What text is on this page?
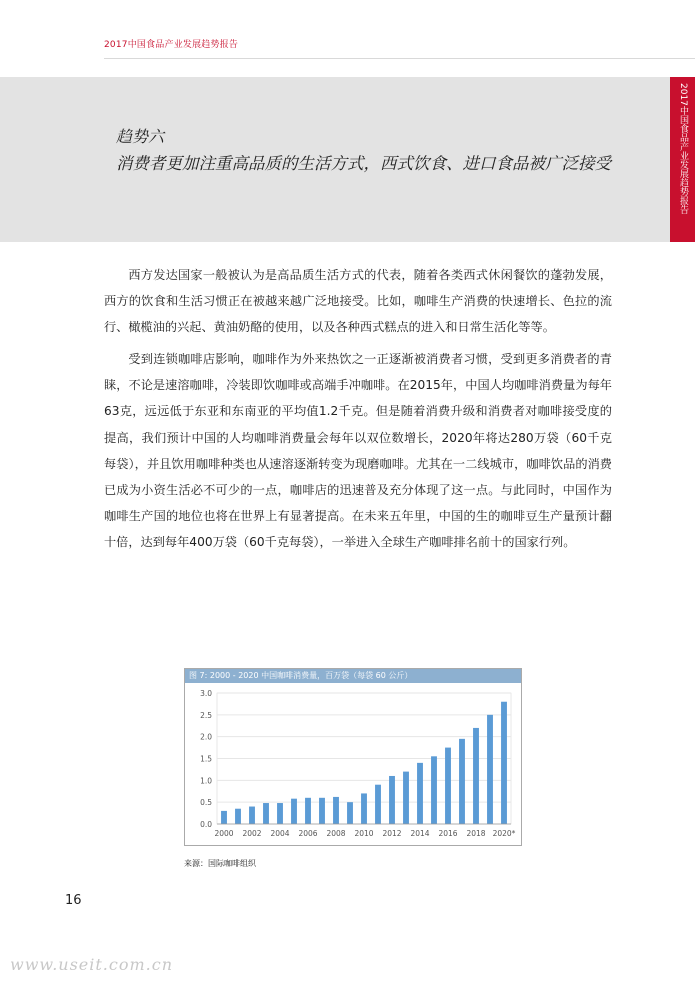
2017中国食品产业发展趋势报告
2017中国食品产业发展趋势报告
趋势六
消费者更加注重高品质的生活方式，西式饮食、进口食品被广泛接受

西方发达国家一般被认为是高品质生活方式的代表，随着各类西式休闲餐饮的蓬勃发展，西方的饮食和生活习惯正在被越来越广泛地接受。比如，咖啡生产消费的快速增长、色拉的流行、橄榄油的兴起、黄油奶酪的使用，以及各种西式糕点的进入和日常生活化等等。

受到连锁咖啡店影响，咖啡作为外来热饮之一正逐渐被消费者习惯，受到更多消费者的青睐，不论是速溶咖啡，冷装即饮咖啡或高端手冲咖啡。在2015年，中国人均咖啡消费量为每年63克，远远低于东亚和东南亚的平均值1.2千克。但是随着消费升级和消费者对咖啡接受度的提高，我们预计中国的人均咖啡消费量会每年以双位数增长，2020年将达280万袋（60千克每袋），并且饮用咖啡种类也从速溶逐渐转变为现磨咖啡。尤其在一二线城市，咖啡饮品的消费已成为小资生活必不可少的一点，咖啡店的迅速普及充分体现了这一点。与此同时，中国作为咖啡生产国的地位也将在世界上有显著提高。在未来五年里，中国的生的咖啡豆生产量预计翻十倍，达到每年400万袋（60千克每袋），一举进入全球生产咖啡排名前十的国家行列。

图 7: 2000 - 2020 中国咖啡消费量，百万袋（每袋 60 公斤）
0.0
0.5
1.0
1.5
2.0
2.5
3.0
2000 2002 2004 2006 2008 2010 2012 2014 2016 2018 2020*
来源：国际咖啡组织
16
www.useit.com.cn
